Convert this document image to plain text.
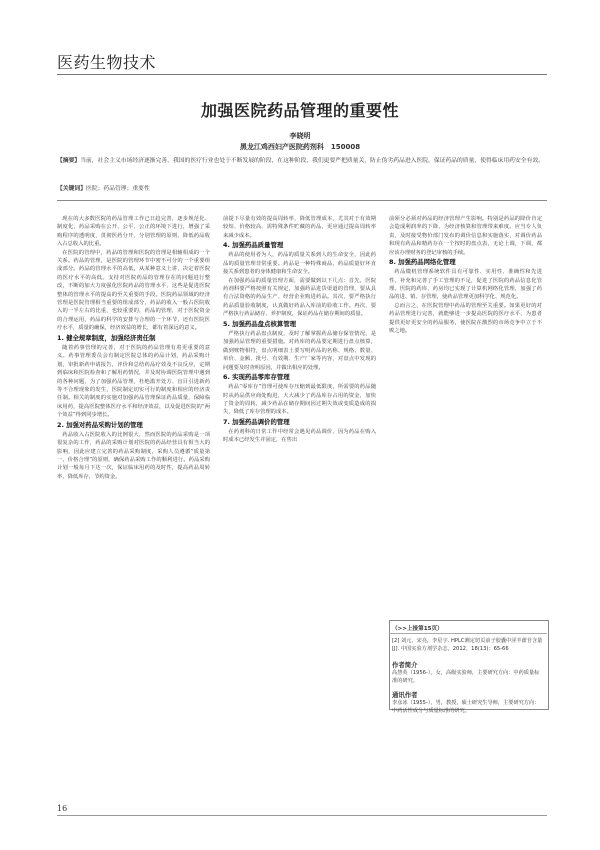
医药生物技术
加强医院药品管理的重要性
李晓明
黑龙江鸡西妇产医院药剂科　150008
【摘要】当前，社会主义市场经济逐渐完善，我国的医疗行业也处于不断发展的阶段，在这种阶段，我们更要严把质量关，防止伪劣药品进入医院，保证药品的质量，使得临床用药安全有效。
【关键词】医院；药品管理；重要性

现在的大多数医院的药品管理工作已日趋完善，逐步规范化、制度化，药品采购在公开、公平、公正的环境下进行，增强了采购程序的透明度，贯彻医药分开，分别管理的原则，降低药品收入占总收入的比重。

在医院的管理中，药品的管理和医院的管理是相辅相成的一个关系。药品的管理，是医院的管理环节中密不可分的一个重要组成部分。药品的管理水平的高低，从某种意义上讲，决定着医院的医疗水平的高低。支持对医院药品的管理存在的问题进行整改，不断的加大力度强化医院药品的管理水平，这些是促进医院整体的管理水平的提高的至关重要的手段。医院药品领域的经济管理是医院管理相当重要的组成部分，药品的收入一般占医院收入的一半左右的比重，也较重要的，药品的管理，对于医院资金的合理运用，药品的科学的安排与合理的一个环节，还有医院医疗水平，质量的确保，经济效益的增长，都有着深远的意义。

1. 健全规章制度，加强经济责任制

随着药事管理的完善，对于医院的药品管理有着更重要的意义。药事管理委员会有制定医院总体的药品计划，药品采购计划，审批新药申请报告，评价和总结药品疗效及不良反应，定期到临床和医院检查和了解用药情况，并及时协调医院管理中遇到的各种问题，为了加强药品管理，杜绝滥开处方、盲目引进新药等不合理现象的发生，医院制定切实可行的制度和相应的经济责任制。相关的制度的实施对加强药品管理保证药品质量，保障临床用药，提高医院整体医疗水平和经济效益，以及促进医院的“两个效益”得到同步增长。

2. 加强对药品采购计划的管理

药品收入占医院收入的比例很大，然而医院的药品采购是一项很复杂的工作，药品的采购计划对医院的药品经营具有相当大的影响，因此应建立完善的药品采购制度，采购人员遵循“质量第一，价格合理”的原则，确保药品采购工作的顺利进行。药品采购计划一般每月下达一次，保证临床用药的及时性，提高药品周转率，降低库存，节约资金。

前提下尽量有效的提高周转率，降低管理成本，尤其对于有效期较短、价格较高、需特殊条件贮藏的药品，更应通过提高周转率来减少成本。

4. 加强药品质量管理

药品的使用者为人，药品的质量关系到人的生命安全，因此药品的质量管理非常重要。药品是一种特殊商品，药品质量好坏直接关系到患者的身体健康和生命安全。

在加强药品的质量管理方面，需要做到以下几点：首先，医院药剂科要严格按照有关规定，加强药品进货渠道的管理，要从具有合法资格的药品生产、经营企业购进药品。其次，要严格执行药品质量验收制度，认真做好药品入库前的验收工作。再次，要严格执行药品储存、养护制度，保证药品在储存期间的质量。

5. 加强药品盘点核算管理

严格执行药品盘点制度，及时了解掌握药品储存保管情况，是加强药品管理的重要措施。对药库的药品要定期进行盘点核算，做到账物相符，盘点明细表上要写明药品的名称、规格、数量、单价、金额、批号、有效期、生产厂家等内容，对盘点中发现的问题要及时查明原因，并做出相应的处理。

6. 实现药品零库存管理

药品“零库存”管理可使库存压缩到最低限度，所需要的药品随时从药品供应商处购进，大大减少了药品库存占用的资金，加快了资金的周转，减少药品在储存期间因过期失效或变质造成的损失，降低了库存管理的成本。

7. 加强药品调价的管理

在药剂科的日常工作中经常会遇见药品调价，因为药品在购入时成本已经发生并固定，在售出

前须分必须对药品的经济管理产生影响。特别是药品的降价肯定会造成利润率的下降，为经济核算和管理带来难度。应当专人负责，及时接受物价部门发布的调价信息和实施落实，对调价药品和现有药品和精药存在一个按时的盘点表，无论上调，下调，都应该办理财务的登记审核的手续。

8. 加强药品网络化管理

药品微机管理系统软件具有可靠性、实用性、准确性和先进性，补充和完善了手工管理的不足，促进了医院的药品信息化管理。医院的药库、药房均已实现了计算机网络化管理，加强了药品的进、销、存管理，使药品管理更加科学化、规范化。

总而言之，在医院管理中药品的管理至关重要。如果更好的对药品管理进行完善，就能够进一步提高医院的医疗水平，为患者提供更好更安全的药品服务，使医院在激烈的市场竞争中立于不败之地。

（>>上接第15页）
[2] 刘元，宋亮，李星宇. HPLC测定切页前子胶囊中淫羊藿苷含量[J]. 中国实验方剂学杂志，2012，18(13)：65-66
作者简介
高慧英（1956-），女，高级实验师，主要研究方向：中药质量标准的研究。
通讯作者
李彦冰（1955-），男，教授，硕士研究生导师，主要研究方向：中药活性成分与质量标准的研究。
16
